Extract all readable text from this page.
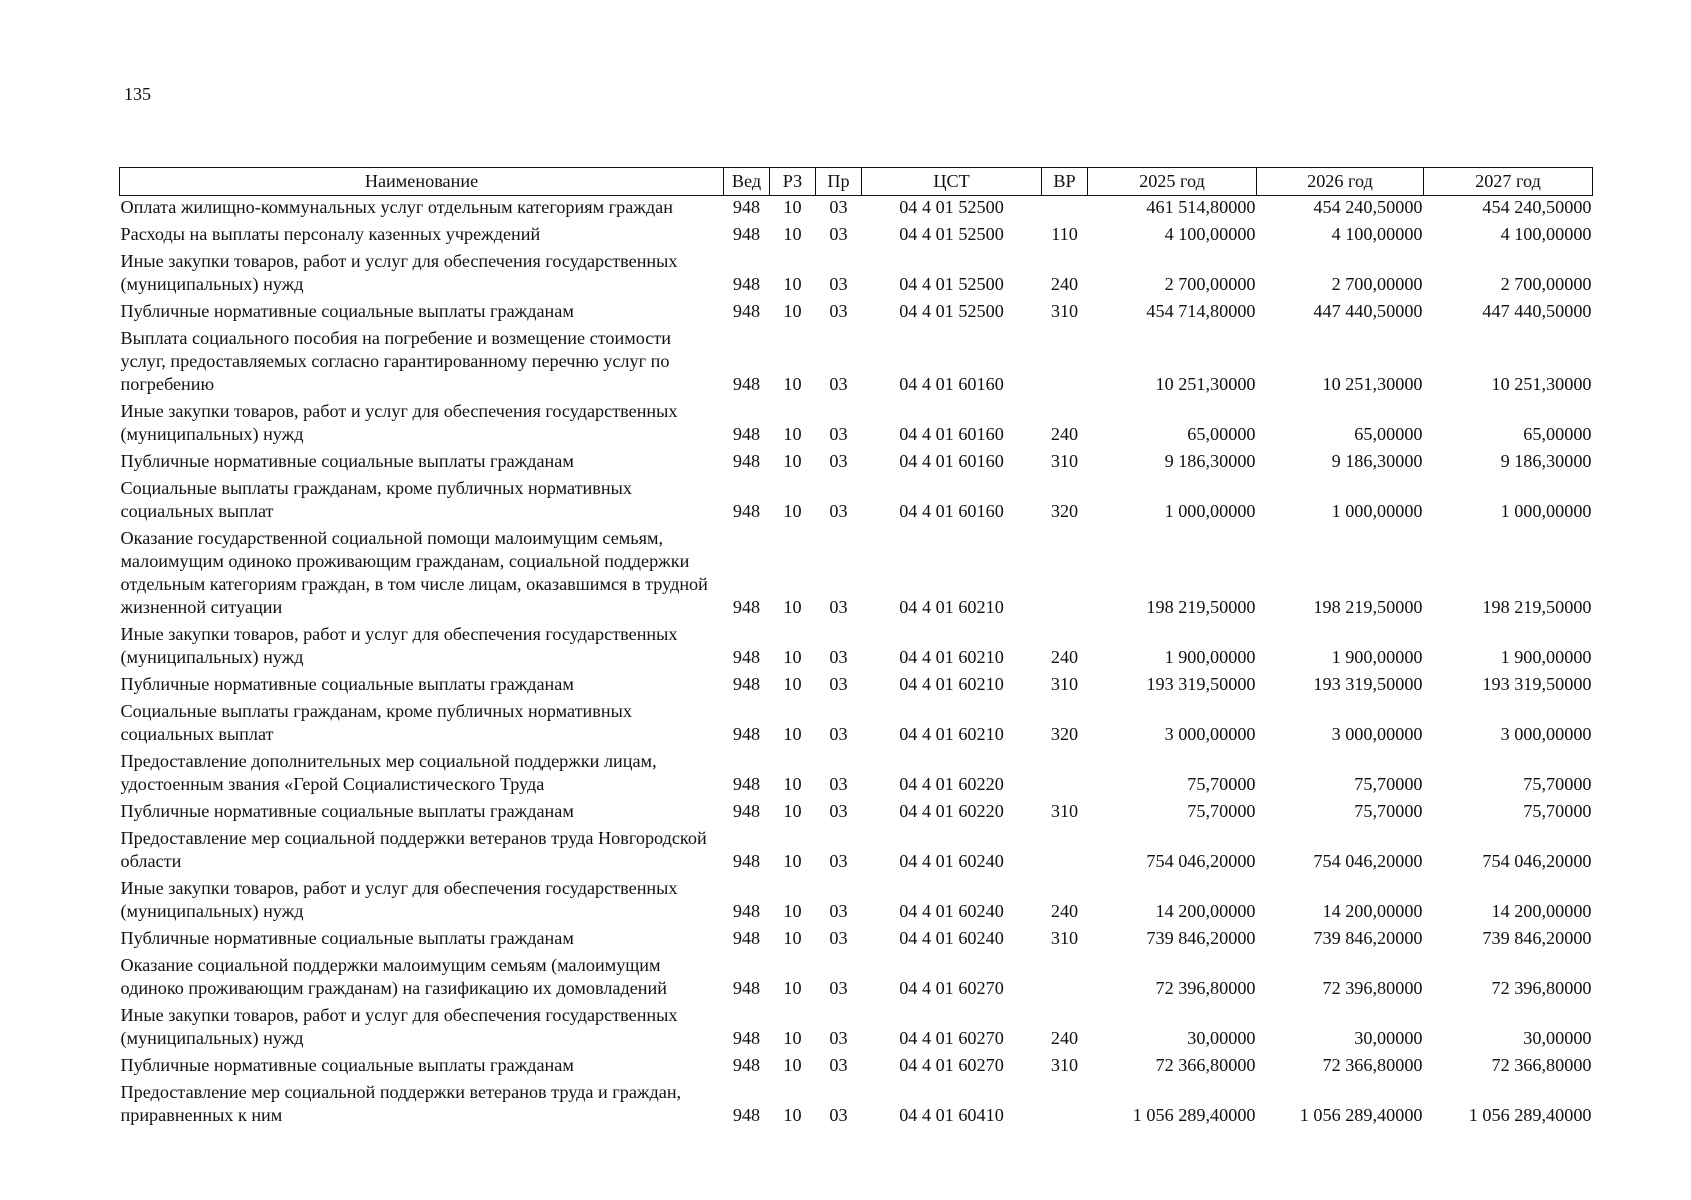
135
Наименование	Вед	РЗ	Пр	ЦСТ	ВР	2025 год	2026 год	2027 год
Оплата жилищно-коммунальных услуг отдельным категориям граждан	948	10	03	04 4 01 52500		461 514,80000	454 240,50000	454 240,50000
Расходы на выплаты персоналу казенных учреждений	948	10	03	04 4 01 52500	110	4 100,00000	4 100,00000	4 100,00000
Иные закупки товаров, работ и услуг для обеспечения государственных (муниципальных) нужд	948	10	03	04 4 01 52500	240	2 700,00000	2 700,00000	2 700,00000
Публичные нормативные социальные выплаты гражданам	948	10	03	04 4 01 52500	310	454 714,80000	447 440,50000	447 440,50000
Выплата социального пособия на погребение и возмещение стоимости услуг, предоставляемых согласно гарантированному перечню услуг по погребению	948	10	03	04 4 01 60160		10 251,30000	10 251,30000	10 251,30000
Иные закупки товаров, работ и услуг для обеспечения государственных (муниципальных) нужд	948	10	03	04 4 01 60160	240	65,00000	65,00000	65,00000
Публичные нормативные социальные выплаты гражданам	948	10	03	04 4 01 60160	310	9 186,30000	9 186,30000	9 186,30000
Социальные выплаты гражданам, кроме публичных нормативных социальных выплат	948	10	03	04 4 01 60160	320	1 000,00000	1 000,00000	1 000,00000
Оказание государственной социальной помощи малоимущим семьям, малоимущим одиноко проживающим гражданам, социальной поддержки отдельным категориям граждан, в том числе лицам, оказавшимся в трудной жизненной ситуации	948	10	03	04 4 01 60210		198 219,50000	198 219,50000	198 219,50000
Иные закупки товаров, работ и услуг для обеспечения государственных (муниципальных) нужд	948	10	03	04 4 01 60210	240	1 900,00000	1 900,00000	1 900,00000
Публичные нормативные социальные выплаты гражданам	948	10	03	04 4 01 60210	310	193 319,50000	193 319,50000	193 319,50000
Социальные выплаты гражданам, кроме публичных нормативных социальных выплат	948	10	03	04 4 01 60210	320	3 000,00000	3 000,00000	3 000,00000
Предоставление дополнительных мер социальной поддержки лицам, удостоенным звания «Герой Социалистического Труда	948	10	03	04 4 01 60220		75,70000	75,70000	75,70000
Публичные нормативные социальные выплаты гражданам	948	10	03	04 4 01 60220	310	75,70000	75,70000	75,70000
Предоставление мер социальной поддержки ветеранов труда Новгородской области	948	10	03	04 4 01 60240		754 046,20000	754 046,20000	754 046,20000
Иные закупки товаров, работ и услуг для обеспечения государственных (муниципальных) нужд	948	10	03	04 4 01 60240	240	14 200,00000	14 200,00000	14 200,00000
Публичные нормативные социальные выплаты гражданам	948	10	03	04 4 01 60240	310	739 846,20000	739 846,20000	739 846,20000
Оказание социальной поддержки малоимущим семьям (малоимущим одиноко проживающим гражданам) на газификацию их домовладений	948	10	03	04 4 01 60270		72 396,80000	72 396,80000	72 396,80000
Иные закупки товаров, работ и услуг для обеспечения государственных (муниципальных) нужд	948	10	03	04 4 01 60270	240	30,00000	30,00000	30,00000
Публичные нормативные социальные выплаты гражданам	948	10	03	04 4 01 60270	310	72 366,80000	72 366,80000	72 366,80000
Предоставление мер социальной поддержки ветеранов труда и граждан, приравненных к ним	948	10	03	04 4 01 60410		1 056 289,40000	1 056 289,40000	1 056 289,40000
